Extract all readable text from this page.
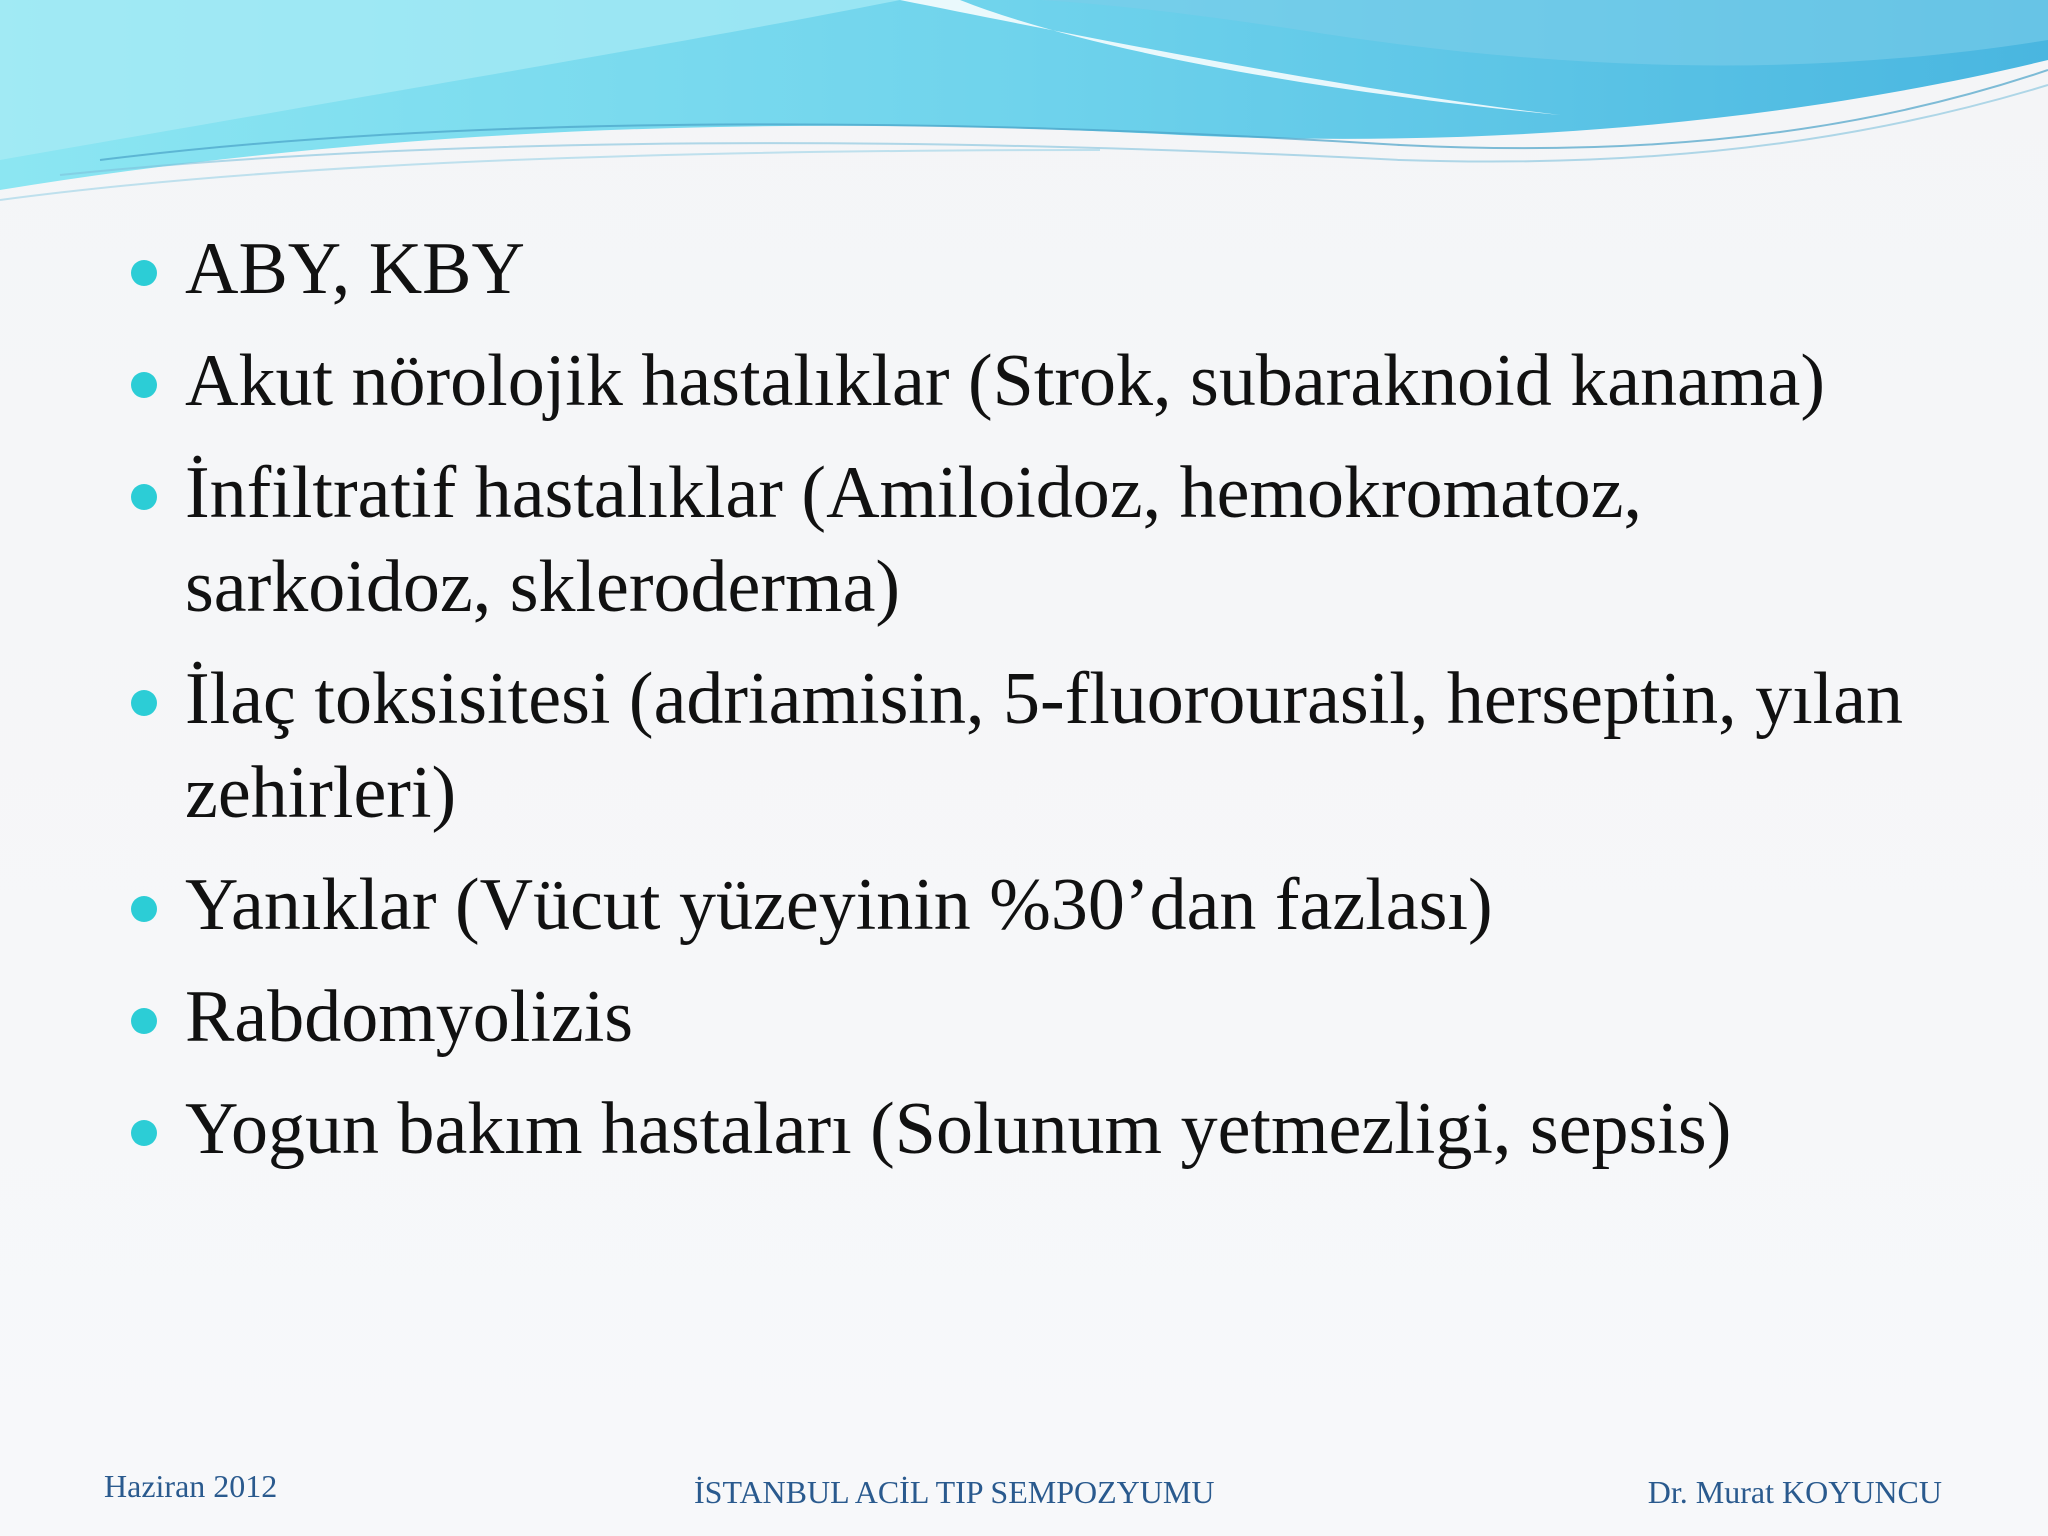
ABY, KBY
Akut nörolojik hastalıklar (Strok, subaraknoid kanama)
İnfiltratif hastalıklar (Amiloidoz, hemokromatoz, sarkoidoz, skleroderma)
İlaç toksisitesi (adriamisin, 5-fluorourasil, herseptin, yılan zehirleri)
Yanıklar (Vücut yüzeyinin %30’dan fazlası)
Rabdomyolizis
Yogun bakım hastaları (Solunum yetmezligi, sepsis)
Haziran 2012	İSTANBUL ACİL TIP SEMPOZYUMU	Dr. Murat KOYUNCU
